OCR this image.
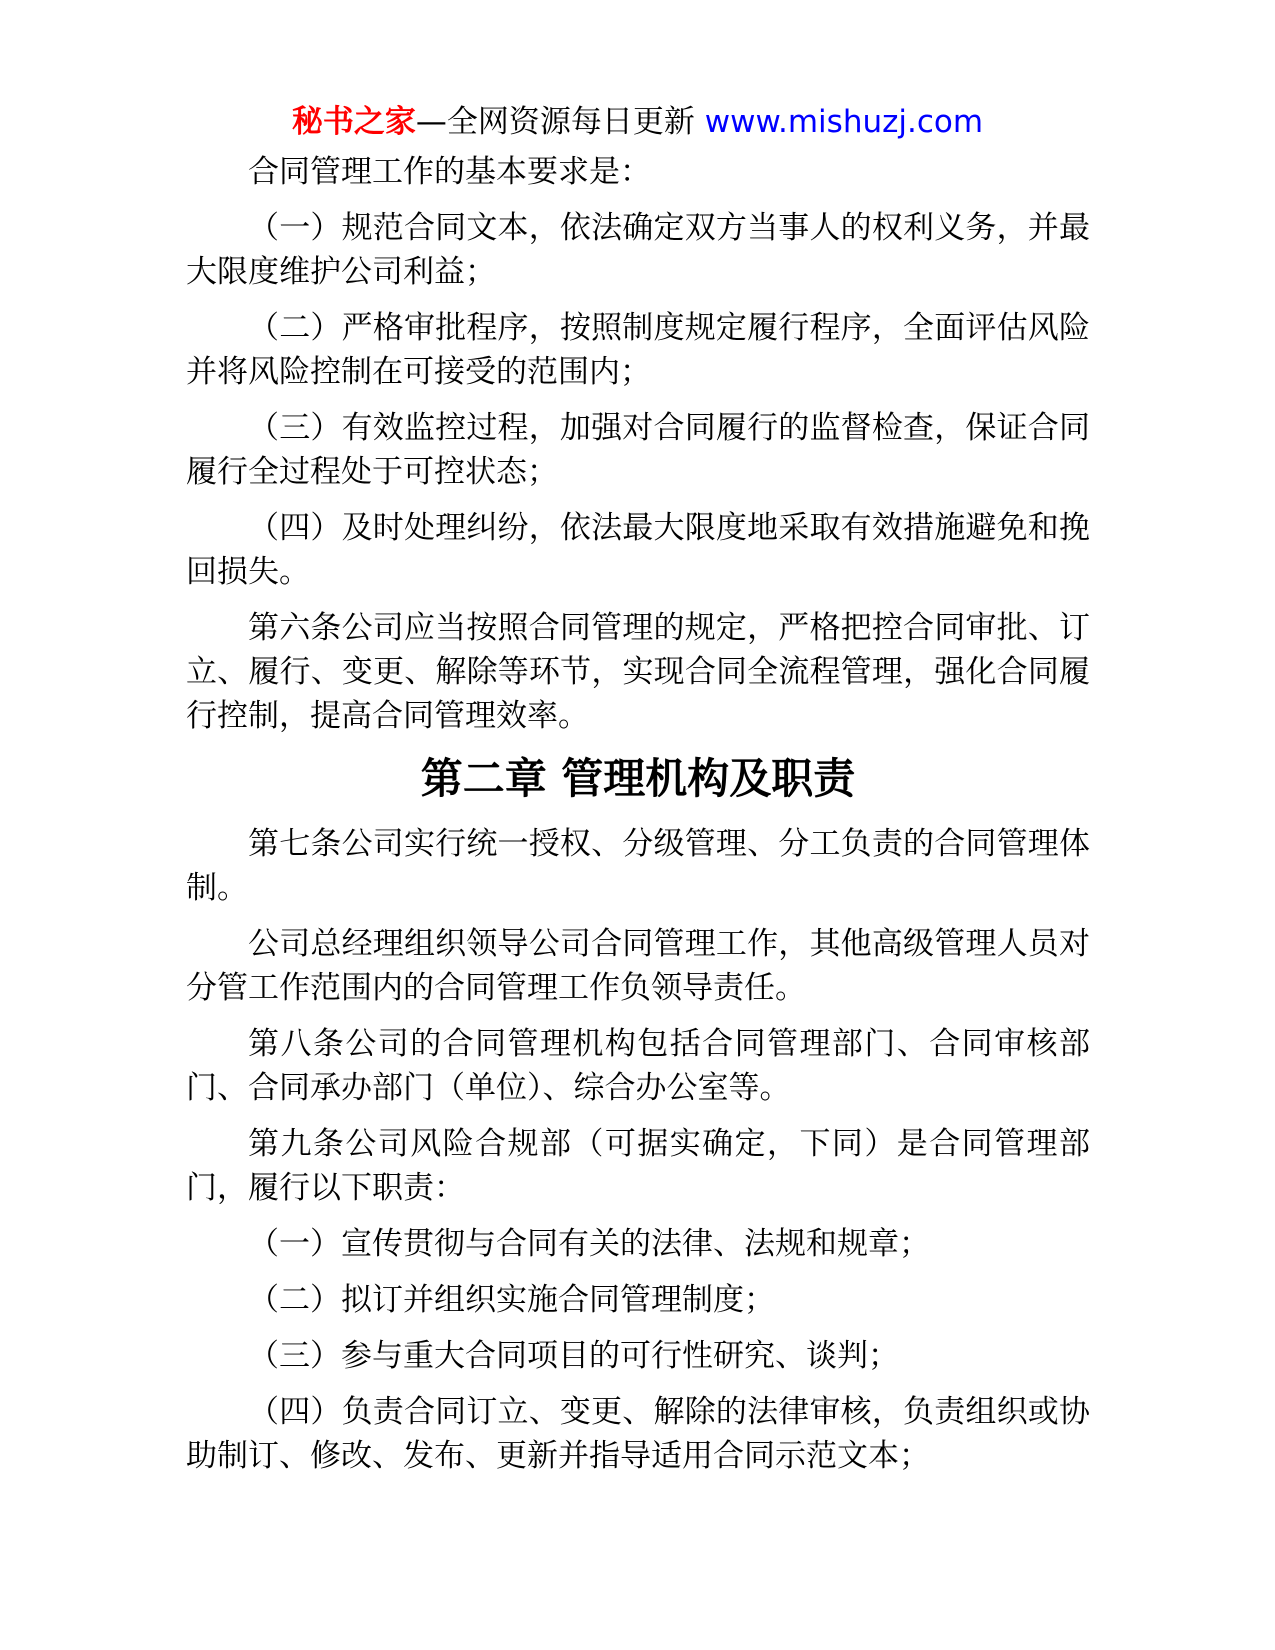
秘书之家—全网资源每日更新 www.mishuzj.com

合同管理工作的基本要求是：

（一）规范合同文本，依法确定双方当事人的权利义务，并最大限度维护公司利益；

（二）严格审批程序，按照制度规定履行程序，全面评估风险并将风险控制在可接受的范围内；

（三）有效监控过程，加强对合同履行的监督检查，保证合同履行全过程处于可控状态；

（四）及时处理纠纷，依法最大限度地采取有效措施避免和挽回损失。

第六条公司应当按照合同管理的规定，严格把控合同审批、订立、履行、变更、解除等环节，实现合同全流程管理，强化合同履行控制，提高合同管理效率。

第二章 管理机构及职责

第七条公司实行统一授权、分级管理、分工负责的合同管理体制。

公司总经理组织领导公司合同管理工作，其他高级管理人员对分管工作范围内的合同管理工作负领导责任。

第八条公司的合同管理机构包括合同管理部门、合同审核部门、合同承办部门（单位）、综合办公室等。

第九条公司风险合规部（可据实确定，下同）是合同管理部门，履行以下职责：

（一）宣传贯彻与合同有关的法律、法规和规章；

（二）拟订并组织实施合同管理制度；

（三）参与重大合同项目的可行性研究、谈判；

（四）负责合同订立、变更、解除的法律审核，负责组织或协助制订、修改、发布、更新并指导适用合同示范文本；
